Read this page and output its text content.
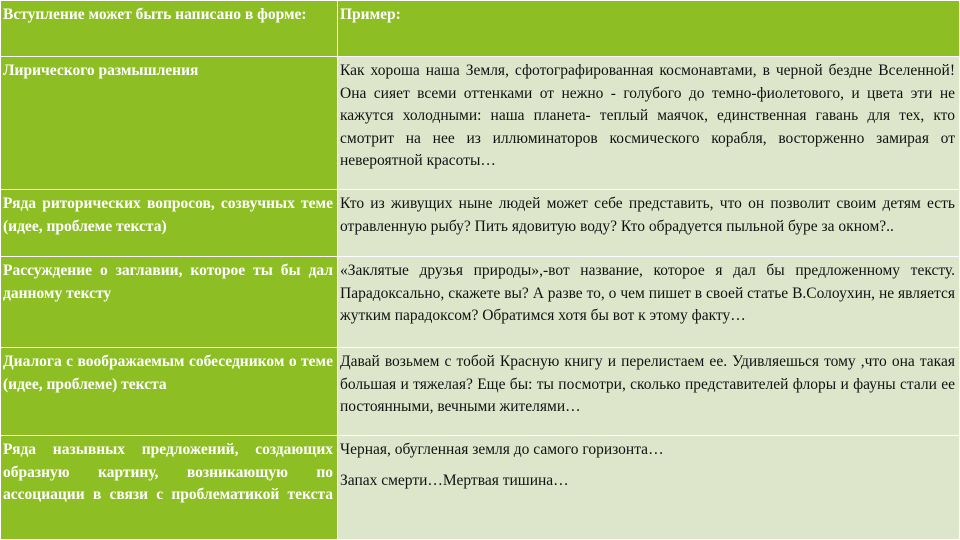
Вступление может быть написано в форме:	Пример:
Лирического размышления	Как хороша наша Земля, сфотографированная космонавтами, в черной бездне Вселенной! Она сияет всеми оттенками от нежно - голубого до темно-фиолетового, и цвета эти не кажутся холодными: наша планета- теплый маячок, единственная гавань для тех, кто смотрит на нее из иллюминаторов космического корабля, восторженно замирая от невероятной красоты…

Ряда риторических вопросов, созвучных теме (идее, проблеме текста)	Кто из живущих ныне людей может себе представить, что он позволит своим детям есть отравленную рыбу? Пить ядовитую воду? Кто обрадуется пыльной буре за окном?..

Рассуждение о заглавии, которое ты бы дал данному тексту	«Заклятые друзья природы»,-вот название, которое я дал бы предложенному тексту. Парадоксально, скажете вы? А разве то, о чем пишет в своей статье В.Солоухин, не является жутким парадоксом? Обратимся хотя бы вот к этому факту…

Диалога с воображаемым собеседником о теме (идее, проблеме) текста	Давай возьмем с тобой Красную книгу и перелистаем ее. Удивляешься тому ,что она такая большая и тяжелая? Еще бы: ты посмотри, сколько представителей флоры и фауны стали ее постоянными, вечными жителями…

Ряда назывных предложений, создающих образную картину, возникающую по ассоциации в связи с проблематикой текста	Черная, обугленная земля до самого горизонта…

Запах смерти…Мертвая тишина…
